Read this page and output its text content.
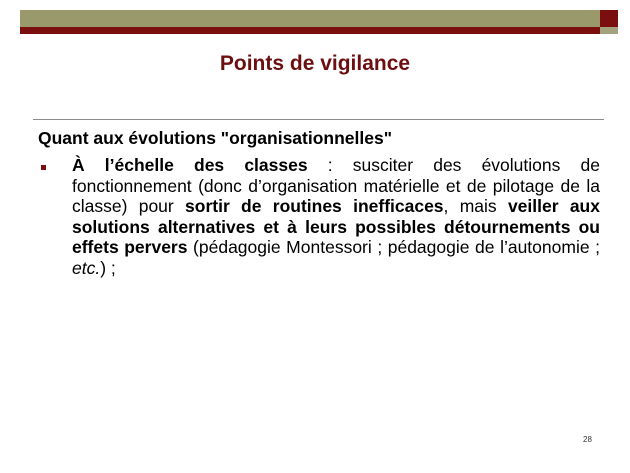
Points de vigilance
Quant aux évolutions "organisationnelles"
À l’échelle des classes : susciter des évolutions de fonctionnement (donc d’organisation matérielle et de pilotage de la classe) pour sortir de routines inefficaces, mais veiller aux solutions alternatives et à leurs possibles détournements ou effets pervers (pédagogie Montessori ; pédagogie de l’autonomie ; etc.) ;
28
